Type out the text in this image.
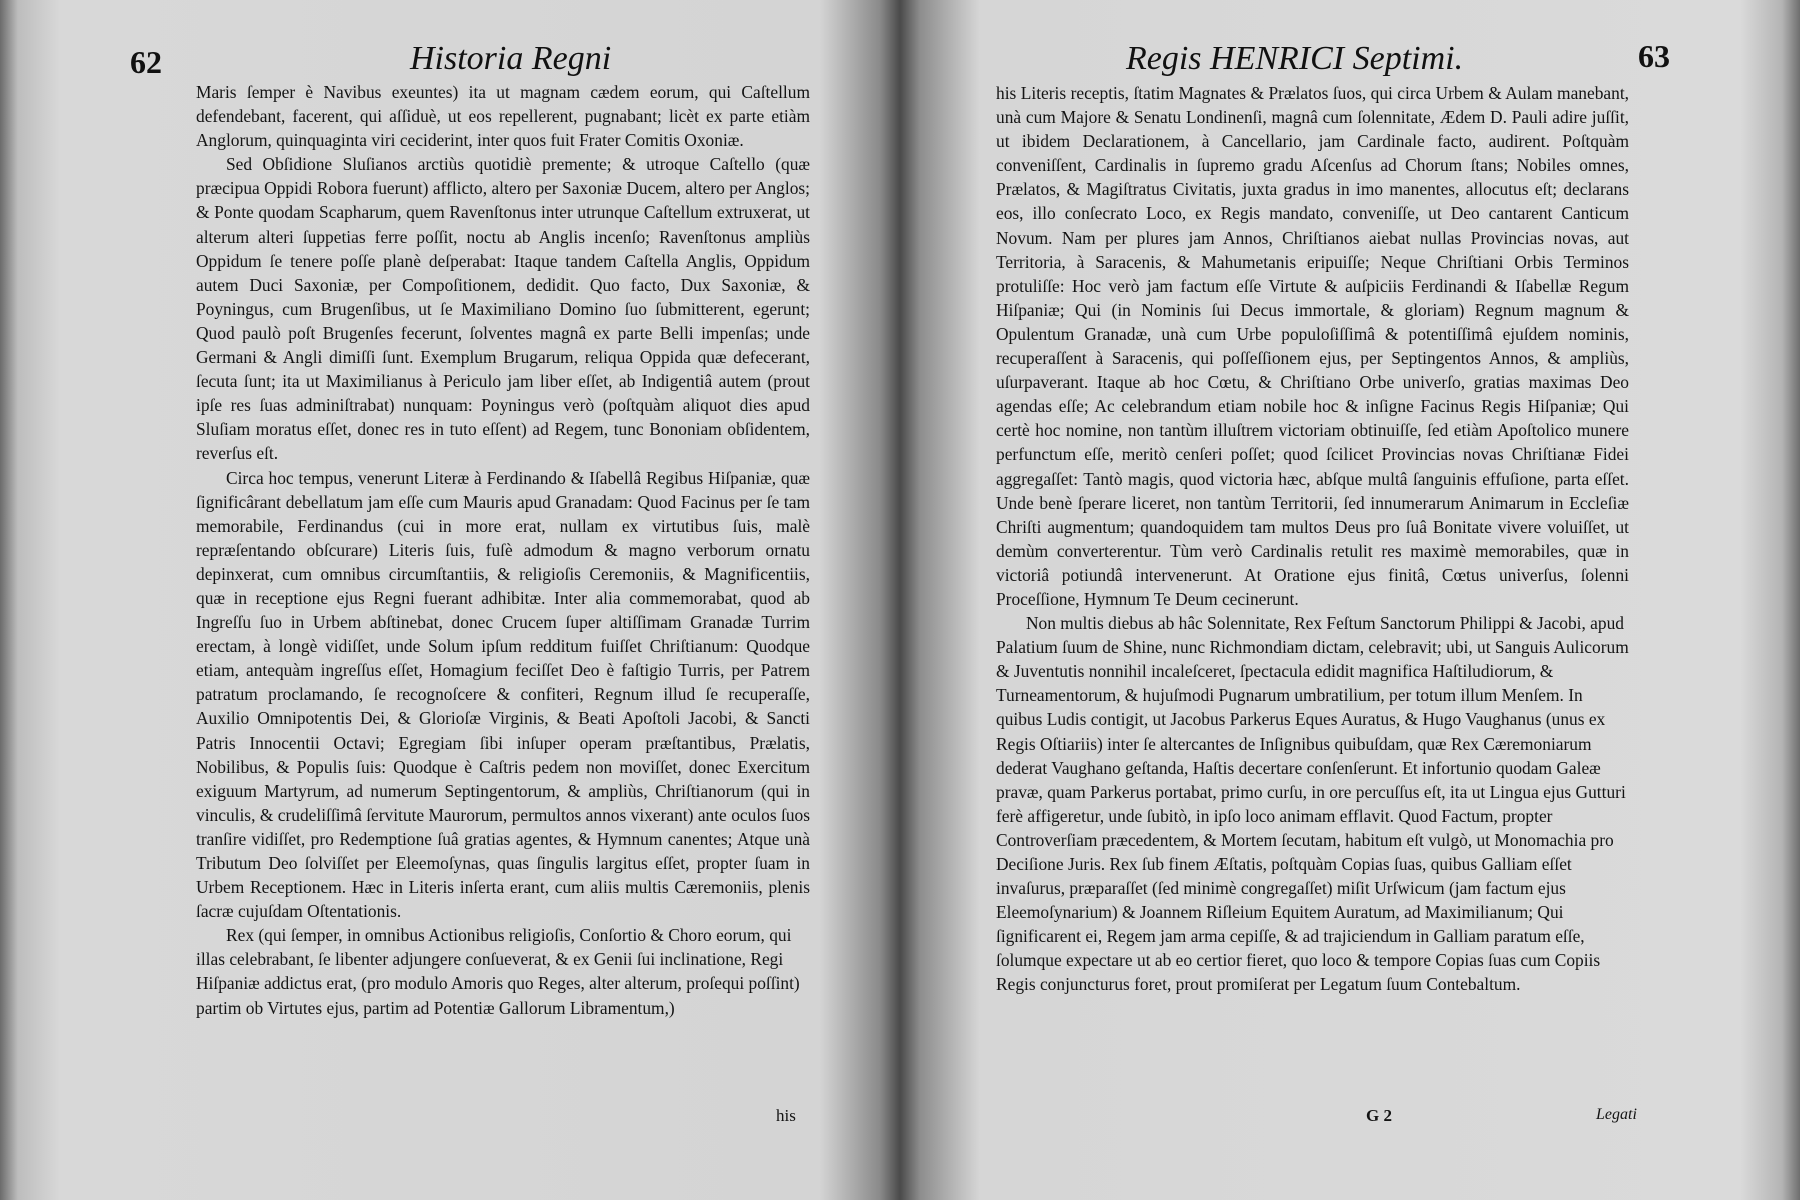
62	Historia Regni

Maris ſemper è Navibus exeuntes) ita ut magnam cædem eorum, qui Caſtellum defendebant, facerent, qui aſſiduè, ut eos repellerent, pugnabant; licèt ex parte etiàm Anglorum, quinquaginta viri ceciderint, inter quos fuit Frater Comitis Oxoniæ.

Sed Obſidione Sluſianos arctiùs quotidiè premente; & utroque Caſtello (quæ præcipua Oppidi Robora fuerunt) afflicto, altero per Saxoniæ Ducem, altero per Anglos; & Ponte quodam Scapharum, quem Ravenſtonus inter utrunque Caſtellum extruxerat, ut alterum alteri ſuppetias ferre poſſit, noctu ab Anglis incenſo; Ravenſtonus ampliùs Oppidum ſe tenere poſſe planè deſperabat: Itaque tandem Caſtella Anglis, Oppidum autem Duci Saxoniæ, per Compoſitionem, dedidit. Quo facto, Dux Saxoniæ, & Poyningus, cum Brugenſibus, ut ſe Maximiliano Domino ſuo ſubmitterent, egerunt; Quod paulò poſt Brugenſes fecerunt, ſolventes magnâ ex parte Belli impenſas; unde Germani & Angli dimiſſi ſunt. Exemplum Brugarum, reliqua Oppida quæ defecerant, ſecuta ſunt; ita ut Maximilianus à Periculo jam liber eſſet, ab Indigentiâ autem (prout ipſe res ſuas adminiſtrabat) nunquam: Poyningus verò (poſtquàm aliquot dies apud Sluſiam moratus eſſet, donec res in tuto eſſent) ad Regem, tunc Bononiam obſidentem, reverſus eſt.

Circa hoc tempus, venerunt Literæ à Ferdinando & Iſabellâ Regibus Hiſpaniæ, quæ ſignificârant debellatum jam eſſe cum Mauris apud Granadam: Quod Facinus per ſe tam memorabile, Ferdinandus (cui in more erat, nullam ex virtutibus ſuis, malè repræſentando obſcurare) Literis ſuis, fuſè admodum & magno verborum ornatu depinxerat, cum omnibus circumſtantiis, & religioſis Ceremoniis, & Magnificentiis, quæ in receptione ejus Regni fuerant adhibitæ. Inter alia commemorabat, quod ab Ingreſſu ſuo in Urbem abſtinebat, donec Crucem ſuper altiſſimam Granadæ Turrim erectam, à longè vidiſſet, unde Solum ipſum redditum fuiſſet Chriſtianum: Quodque etiam, antequàm ingreſſus eſſet, Homagium feciſſet Deo è faſtigio Turris, per Patrem patratum proclamando, ſe recognoſcere & confiteri, Regnum illud ſe recuperaſſe, Auxilio Omnipotentis Dei, & Glorioſæ Virginis, & Beati Apoſtoli Jacobi, & Sancti Patris Innocentii Octavi; Egregiam ſibi inſuper operam præſtantibus, Prælatis, Nobilibus, & Populis ſuis: Quodque è Caſtris pedem non moviſſet, donec Exercitum exiguum Martyrum, ad numerum Septingentorum, & ampliùs, Chriſtianorum (qui in vinculis, & crudeliſſimâ ſervitute Maurorum, permultos annos vixerant) ante oculos ſuos tranſire vidiſſet, pro Redemptione ſuâ gratias agentes, & Hymnum canentes; Atque unà Tributum Deo ſolviſſet per Eleemoſynas, quas ſingulis largitus eſſet, propter ſuam in Urbem Receptionem. Hæc in Literis inſerta erant, cum aliis multis Cæremoniis, plenis ſacræ cujuſdam Oſtentationis.

Rex (qui ſemper, in omnibus Actionibus religioſis, Conſortio & Choro eorum, qui illas celebrabant, ſe libenter adjungere conſueverat, & ex Genii ſui inclinatione, Regi Hiſpaniæ addictus erat, (pro modulo Amoris quo Reges, alter alterum, proſequi poſſint) partim ob Virtutes ejus, partim ad Potentiæ Gallorum Libramentum,)

his
Regis HENRICI Septimi.	63

his Literis receptis, ſtatim Magnates & Prælatos ſuos, qui circa Urbem & Aulam manebant, unà cum Majore & Senatu Londinenſi, magnâ cum ſolennitate, Ædem D. Pauli adire juſſit, ut ibidem Declarationem, à Cancellario, jam Cardinale facto, audirent. Poſtquàm conveniſſent, Cardinalis in ſupremo gradu Aſcenſus ad Chorum ſtans; Nobiles omnes, Prælatos, & Magiſtratus Civitatis, juxta gradus in imo manentes, allocutus eſt; declarans eos, illo conſecrato Loco, ex Regis mandato, conveniſſe, ut Deo cantarent Canticum Novum. Nam per plures jam Annos, Chriſtianos aiebat nullas Provincias novas, aut Territoria, à Saracenis, & Mahumetanis eripuiſſe; Neque Chriſtiani Orbis Terminos protuliſſe: Hoc verò jam factum eſſe Virtute & auſpiciis Ferdinandi & Iſabellæ Regum Hiſpaniæ; Qui (in Nominis ſui Decus immortale, & gloriam) Regnum magnum & Opulentum Granadæ, unà cum Urbe populoſiſſimâ & potentiſſimâ ejuſdem nominis, recuperaſſent à Saracenis, qui poſſeſſionem ejus, per Septingentos Annos, & ampliùs, uſurpaverant. Itaque ab hoc Cœtu, & Chriſtiano Orbe univerſo, gratias maximas Deo agendas eſſe; Ac celebrandum etiam nobile hoc & inſigne Facinus Regis Hiſpaniæ; Qui certè hoc nomine, non tantùm illuſtrem victoriam obtinuiſſe, ſed etiàm Apoſtolico munere perfunctum eſſe, meritò cenſeri poſſet; quod ſcilicet Provincias novas Chriſtianæ Fidei aggregaſſet: Tantò magis, quod victoria hæc, abſque multâ ſanguinis effuſione, parta eſſet. Unde benè ſperare liceret, non tantùm Territorii, ſed innumerarum Animarum in Eccleſiæ Chriſti augmentum; quandoquidem tam multos Deus pro ſuâ Bonitate vivere voluiſſet, ut demùm converterentur. Tùm verò Cardinalis retulit res maximè memorabiles, quæ in victoriâ potiundâ intervenerunt. At Oratione ejus finitâ, Cœtus univerſus, ſolenni Proceſſione, Hymnum Te Deum cecinerunt.

Non multis diebus ab hâc Solennitate, Rex Feſtum Sanctorum Philippi & Jacobi, apud Palatium ſuum de Shine, nunc Richmondiam dictam, celebravit; ubi, ut Sanguis Aulicorum & Juventutis nonnihil incaleſceret, ſpectacula edidit magnifica Haſtiludiorum, & Turneamentorum, & hujuſmodi Pugnarum umbratilium, per totum illum Menſem. In quibus Ludis contigit, ut Jacobus Parkerus Eques Auratus, & Hugo Vaughanus (unus ex Regis Oſtiariis) inter ſe altercantes de Inſignibus quibuſdam, quæ Rex Cæremoniarum dederat Vaughano geſtanda, Haſtis decertare conſenſerunt. Et infortunio quodam Galeæ pravæ, quam Parkerus portabat, primo curſu, in ore percuſſus eſt, ita ut Lingua ejus Gutturi ferè affigeretur, unde ſubitò, in ipſo loco animam efflavit. Quod Factum, propter Controverſiam præcedentem, & Mortem ſecutam, habitum eſt vulgò, ut Monomachia pro Deciſione Juris. Rex ſub finem Æſtatis, poſtquàm Copias ſuas, quibus Galliam eſſet invaſurus, præparaſſet (ſed minimè congregaſſet) miſit Urſwicum (jam factum ejus Eleemoſynarium) & Joannem Riſleium Equitem Auratum, ad Maximilianum; Qui ſignificarent ei, Regem jam arma cepiſſe, & ad trajiciendum in Galliam paratum eſſe, ſolumque expectare ut ab eo certior fieret, quo loco & tempore Copias ſuas cum Copiis Regis conjuncturus foret, prout promiſerat per Legatum ſuum Contebaltum.

G 2	Legati
